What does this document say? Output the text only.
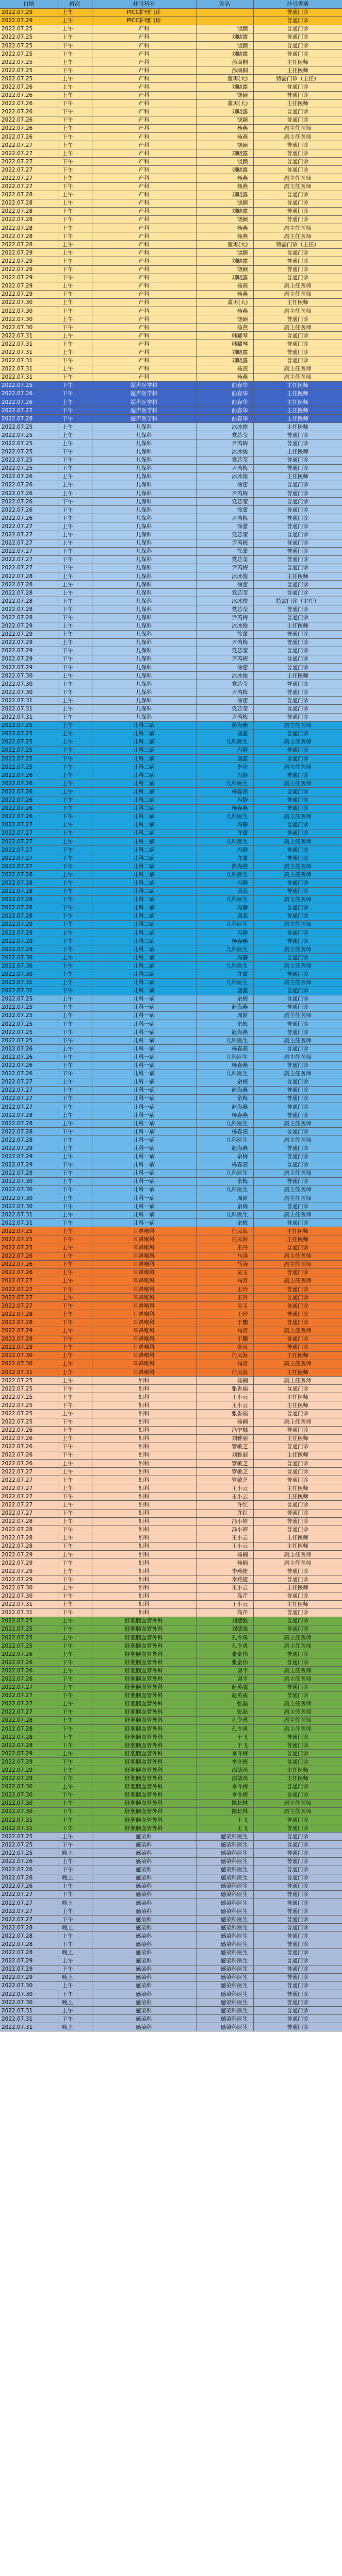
日期	班次	挂号科室	姓名	挂号类别
2022.07.29	上午	PICC护理门诊		普通门诊
2022.07.29	上午	PICC护理门诊		普通门诊
2022.07.25	上午	产科	饶颖	普通门诊
2022.07.25	上午	产科	刘晓露	普通门诊
2022.07.25	下午	产科	饶颖	普通门诊
2022.07.25	下午	产科	刘晓露	普通门诊
2022.07.25	上午	产科	孙滴桐	主任医师
2022.07.25	下午	产科	孙滴桐	主任医师
2022.07.25	上午	产科	董再(大)	特需门诊（主任）
2022.07.26	上午	产科	刘晓露	普通门诊
2022.07.26	上午	产科	饶颖	普通门诊
2022.07.26	下午	产科	董再(大)	主任医师
2022.07.26	下午	产科	刘晓露	普通门诊
2022.07.26	下午	产科	饶颖	普通门诊
2022.07.26	上午	产科	杨燕	副主任医师
2022.07.26	下午	产科	杨燕	副主任医师
2022.07.27	上午	产科	饶颖	普通门诊
2022.07.27	上午	产科	刘晓露	普通门诊
2022.07.27	下午	产科	饶颖	普通门诊
2022.07.27	下午	产科	刘晓露	普通门诊
2022.07.27	上午	产科	杨燕	副主任医师
2022.07.27	下午	产科	杨燕	副主任医师
2022.07.28	上午	产科	刘晓露	普通门诊
2022.07.28	上午	产科	饶颖	普通门诊
2022.07.28	下午	产科	刘晓露	普通门诊
2022.07.28	下午	产科	饶颖	普通门诊
2022.07.28	上午	产科	杨燕	副主任医师
2022.07.28	下午	产科	杨燕	副主任医师
2022.07.28	上午	产科	董再(大)	特需门诊（主任）
2022.07.29	上午	产科	饶颖	普通门诊
2022.07.29	上午	产科	刘晓露	普通门诊
2022.07.29	下午	产科	饶颖	普通门诊
2022.07.29	下午	产科	刘晓露	普通门诊
2022.07.29	上午	产科	杨燕	副主任医师
2022.07.29	下午	产科	杨燕	副主任医师
2022.07.30	上午	产科	董再(大)	主任医师
2022.07.30	下午	产科	杨燕	副主任医师
2022.07.30	上午	产科	饶颖	普通门诊
2022.07.30	下午	产科	杨燕	副主任医师
2022.07.31	上午	产科	韩耀琴	普通门诊
2022.07.31	下午	产科	韩耀琴	普通门诊
2022.07.31	上午	产科	刘晓露	普通门诊
2022.07.31	下午	产科	刘晓露	普通门诊
2022.07.31	上午	产科	杨燕	副主任医师
2022.07.31	下午	产科	杨燕	副主任医师
2022.07.25	下午	超声医学科	曲春华	主任医师
2022.07.26	下午	超声医学科	曲春华	主任医师
2022.07.26	上午	超声医学科	曲春华	主任医师
2022.07.27	下午	超声医学科	曲春华	主任医师
2022.07.28	下午	超声医学科	曲春华	主任医师
2022.07.25	上午	儿保科	冰冰俊	主任医师
2022.07.25	上午	儿保科	党芯莹	普通门诊
2022.07.25	上午	儿保科	尹芮梅	普通门诊
2022.07.25	下午	儿保科	冰冰俊	主任医师
2022.07.25	下午	儿保科	党芯莹	普通门诊
2022.07.25	下午	儿保科	尹芮梅	普通门诊
2022.07.26	上午	儿保科	冰冰俊	主任医师
2022.07.26	上午	儿保科	徐蕾	普通门诊
2022.07.26	上午	儿保科	尹芮梅	普通门诊
2022.07.26	下午	儿保科	党芯莹	普通门诊
2022.07.26	下午	儿保科	徐蕾	普通门诊
2022.07.26	下午	儿保科	尹芮梅	普通门诊
2022.07.27	上午	儿保科	徐蕾	普通门诊
2022.07.27	上午	儿保科	党芯莹	普通门诊
2022.07.27	上午	儿保科	尹芮梅	普通门诊
2022.07.27	下午	儿保科	徐蕾	普通门诊
2022.07.27	下午	儿保科	党芯莹	普通门诊
2022.07.27	下午	儿保科	尹芮梅	普通门诊
2022.07.28	上午	儿保科	冰冰俊	主任医师
2022.07.28	上午	儿保科	徐蕾	普通门诊
2022.07.28	上午	儿保科	党芯莹	普通门诊
2022.07.28	下午	儿保科	冰冰俊	特需门诊（主任）
2022.07.28	下午	儿保科	党芯莹	普通门诊
2022.07.28	下午	儿保科	尹芮梅	普通门诊
2022.07.29	上午	儿保科	冰冰俊	主任医师
2022.07.29	上午	儿保科	徐蕾	普通门诊
2022.07.29	上午	儿保科	尹芮梅	普通门诊
2022.07.29	下午	儿保科	党芯莹	普通门诊
2022.07.29	下午	儿保科	尹芮梅	普通门诊
2022.07.29	下午	儿保科	徐蕾	普通门诊
2022.07.30	上午	儿保科	冰冰俊	主任医师
2022.07.30	上午	儿保科	党芯莹	普通门诊
2022.07.30	下午	儿保科	尹芮梅	普通门诊
2022.07.31	上午	儿保科	徐蕾	普通门诊
2022.07.31	上午	儿保科	党芯莹	普通门诊
2022.07.31	下午	儿保科	尹芮梅	普通门诊
2022.07.25	上午	儿科二病	彭海燕	副主任医师
2022.07.25	上午	儿科二病	谢蕊	普通门诊
2022.07.25	上午	儿科二病	儿科医生	副主任医师
2022.07.25	下午	儿科二病	冯静	普通门诊
2022.07.25	下午	儿科二病	谢蕊	普通门诊
2022.07.25	下午	儿科二病	李亮	副主任医师
2022.07.26	上午	儿科二病	冯静	普通门诊
2022.07.26	上午	儿科二病	儿科医生	副主任医师
2022.07.26	上午	儿科二病	杨春燕	普通门诊
2022.07.26	下午	儿科二病	冯静	普通门诊
2022.07.26	下午	儿科二病	杨春燕	普通门诊
2022.07.26	下午	儿科二病	儿科医生	副主任医师
2022.07.27	上午	儿科二病	冯静	普通门诊
2022.07.27	上午	儿科二病	许蕾	普通门诊
2022.07.27	上午	儿科二病	儿科医生	副主任医师
2022.07.27	下午	儿科二病	冯静	普通门诊
2022.07.27	下午	儿科二病	许蕾	普通门诊
2022.07.27	下午	儿科二病	彭海燕	副主任医师
2022.07.28	上午	儿科二病	儿科医生	副主任医师
2022.07.28	上午	儿科二病	冯静	普通门诊
2022.07.28	上午	儿科二病	谢蕊	普通门诊
2022.07.28	下午	儿科二病	儿科医生	副主任医师
2022.07.28	下午	儿科二病	冯静	普通门诊
2022.07.28	下午	儿科二病	谢蕊	普通门诊
2022.07.29	上午	儿科二病	儿科医生	副主任医师
2022.07.29	上午	儿科二病	冯静	普通门诊
2022.07.29	下午	儿科二病	杨春燕	普通门诊
2022.07.29	下午	儿科二病	儿科医生	副主任医师
2022.07.30	上午	儿科二病	冯静	普通门诊
2022.07.30	下午	儿科二病	儿科医生	副主任医师
2022.07.30	上午	儿科二病	许蕾	普通门诊
2022.07.31	上午	儿科二病	儿科医生	副主任医师
2022.07.31	下午	儿科二病	谢蕊	普通门诊
2022.07.25	上午	儿科一病	余梅	普通门诊
2022.07.25	上午	儿科一病	赵海燕	普通门诊
2022.07.25	上午	儿科一病	周新	副主任医师
2022.07.25	下午	儿科一病	余梅	普通门诊
2022.07.25	下午	儿科一病	赵海燕	普通门诊
2022.07.25	下午	儿科一病	儿科医生	副主任医师
2022.07.26	上午	儿科一病	杨春燕	普通门诊
2022.07.26	上午	儿科一病	儿科医生	副主任医师
2022.07.26	下午	儿科一病	杨春燕	普通门诊
2022.07.26	下午	儿科一病	儿科医生	副主任医师
2022.07.27	上午	儿科一病	余梅	普通门诊
2022.07.27	上午	儿科一病	赵海燕	普通门诊
2022.07.27	下午	儿科一病	余梅	普通门诊
2022.07.27	下午	儿科一病	赵海燕	普通门诊
2022.07.28	上午	儿科一病	杨春燕	普通门诊
2022.07.28	上午	儿科一病	儿科医生	副主任医师
2022.07.28	下午	儿科一病	杨春燕	普通门诊
2022.07.28	下午	儿科一病	儿科医生	副主任医师
2022.07.29	上午	儿科一病	赵海燕	普通门诊
2022.07.29	上午	儿科一病	余梅	普通门诊
2022.07.29	下午	儿科一病	杨春燕	普通门诊
2022.07.29	下午	儿科一病	儿科医生	副主任医师
2022.07.30	上午	儿科一病	余梅	普通门诊
2022.07.30	下午	儿科一病	儿科医生	副主任医师
2022.07.30	上午	儿科一病	周新	副主任医师
2022.07.30	下午	儿科一病	余梅	普通门诊
2022.07.31	上午	儿科一病	儿科医生	副主任医师
2022.07.31	下午	儿科一病	余梅	普通门诊
2022.07.25	上午	耳鼻喉科	任凤海	主任医师
2022.07.25	下午	耳鼻喉科	任凤海	主任医师
2022.07.25	上午	耳鼻喉科	王丹	普通门诊
2022.07.26	上午	耳鼻喉科	马涛	副主任医师
2022.07.26	下午	耳鼻喉科	马涛	副主任医师
2022.07.26	上午	耳鼻喉科	吴玉	普通门诊
2022.07.27	上午	耳鼻喉科	马涛	副主任医师
2022.07.27	下午	耳鼻喉科	王玲	普通门诊
2022.07.27	上午	耳鼻喉科	王玲	普通门诊
2022.07.27	下午	耳鼻喉科	吴玉	普通门诊
2022.07.28	上午	耳鼻喉科	王玲	普通门诊
2022.07.28	下午	耳鼻喉科	于鹏	普通门诊
2022.07.29	上午	耳鼻喉科	马涛	副主任医师
2022.07.29	下午	耳鼻喉科	于鹏	普通门诊
2022.07.29	上午	耳鼻喉科	张凤	普通门诊
2022.07.30	上午	耳鼻喉科	任凤海	主任医师
2022.07.30	上午	耳鼻喉科	马涛	副主任医师
2022.07.31	上午	耳鼻喉科	任凤海	主任医师
2022.07.25	上午	妇科	杨楠	副主任医师
2022.07.25	下午	妇科	张香娟	普通门诊
2022.07.25	上午	妇科	王小云	主任医师
2022.07.25	下午	妇科	王小云	主任医师
2022.07.25	上午	妇科	张香娟	普通门诊
2022.07.25	下午	妇科	杨楠	副主任医师
2022.07.26	上午	妇科	冯宁娜	普通门诊
2022.07.26	上午	妇科	刘雅丽	主任医师
2022.07.26	下午	妇科	管敏芝	普通门诊
2022.07.26	下午	妇科	刘雅丽	主任医师
2022.07.26	上午	妇科	管敏芝	普通门诊
2022.07.27	上午	妇科	管敏芝	普通门诊
2022.07.27	下午	妇科	管敏芝	普通门诊
2022.07.27	上午	妇科	王小云	主任医师
2022.07.27	下午	妇科	王小云	主任医师
2022.07.27	上午	妇科	许红	普通门诊
2022.07.27	下午	妇科	许红	普通门诊
2022.07.28	上午	妇科	冯小婷	普通门诊
2022.07.28	下午	妇科	冯小婷	普通门诊
2022.07.28	上午	妇科	王小云	主任医师
2022.07.28	下午	妇科	王小云	主任医师
2022.07.29	上午	妇科	杨楠	副主任医师
2022.07.29	下午	妇科	杨楠	副主任医师
2022.07.29	上午	妇科	李燕捷	普通门诊
2022.07.29	下午	妇科	李燕捷	普通门诊
2022.07.30	上午	妇科	王小云	主任医师
2022.07.30	下午	妇科	高芹	普通门诊
2022.07.31	上午	妇科	王小云	主任医师
2022.07.31	下午	妇科	高芹	普通门诊
2022.07.25	上午	肝胆胰血管外科	刘德强	普通门诊
2022.07.25	下午	肝胆胰血管外科	刘德强	普通门诊
2022.07.25	上午	肝胆胰血管外科	孔令禹	副主任医师
2022.07.25	下午	肝胆胰血管外科	孔令禹	副主任医师
2022.07.26	上午	肝胆胰血管外科	张金伟	普通门诊
2022.07.26	下午	肝胆胰血管外科	张金伟	普通门诊
2022.07.26	上午	肝胆胰血管外科	谢平	副主任医师
2022.07.26	下午	肝胆胰血管外科	谢平	副主任医师
2022.07.27	上午	肝胆胰血管外科	赵英威	普通门诊
2022.07.27	下午	肝胆胰血管外科	赵英威	普通门诊
2022.07.27	上午	肝胆胰血管外科	张磊	副主任医师
2022.07.27	下午	肝胆胰血管外科	张磊	副主任医师
2022.07.28	上午	肝胆胰血管外科	孔令禹	副主任医师
2022.07.28	下午	肝胆胰血管外科	孔令禹	副主任医师
2022.07.28	上午	肝胆胰血管外科	于飞	普通门诊
2022.07.28	下午	肝胆胰血管外科	于飞	普通门诊
2022.07.29	上午	肝胆胰血管外科	李冬梅	普通门诊
2022.07.29	下午	肝胆胰血管外科	李冬梅	普通门诊
2022.07.29	上午	肝胆胰血管外科	邵德鸿	主任医师
2022.07.29	下午	肝胆胰血管外科	邵德鸿	主任医师
2022.07.30	上午	肝胆胰血管外科	李冬梅	普通门诊
2022.07.30	下午	肝胆胰血管外科	李冬梅	普通门诊
2022.07.30	上午	肝胆胰血管外科	陈长林	副主任医师
2022.07.30	下午	肝胆胰血管外科	陈长林	副主任医师
2022.07.31	上午	肝胆胰血管外科	王飞	普通门诊
2022.07.31	下午	肝胆胰血管外科	王飞	普通门诊
2022.07.25	上午	感染科	感染科医生	普通门诊
2022.07.25	下午	感染科	感染科医生	普通门诊
2022.07.25	晚上	感染科	感染科医生	普通门诊
2022.07.26	上午	感染科	感染科医生	普通门诊
2022.07.26	下午	感染科	感染科医生	普通门诊
2022.07.26	晚上	感染科	感染科医生	普通门诊
2022.07.26	上午	感染科	感染科医生	普通门诊
2022.07.27	下午	感染科	感染科医生	普通门诊
2022.07.27	晚上	感染科	感染科医生	普通门诊
2022.07.27	上午	感染科	感染科医生	普通门诊
2022.07.27	下午	感染科	感染科医生	普通门诊
2022.07.28	晚上	感染科	感染科医生	普通门诊
2022.07.28	上午	感染科	感染科医生	普通门诊
2022.07.28	下午	感染科	感染科医生	普通门诊
2022.07.28	晚上	感染科	感染科医生	普通门诊
2022.07.29	上午	感染科	感染科医生	普通门诊
2022.07.29	下午	感染科	感染科医生	普通门诊
2022.07.29	晚上	感染科	感染科医生	普通门诊
2022.07.30	上午	感染科	感染科医生	普通门诊
2022.07.30	下午	感染科	感染科医生	普通门诊
2022.07.30	晚上	感染科	感染科医生	普通门诊
2022.07.31	上午	感染科	感染科医生	普通门诊
2022.07.31	下午	感染科	感染科医生	普通门诊
2022.07.31	晚上	感染科	感染科医生	普通门诊
